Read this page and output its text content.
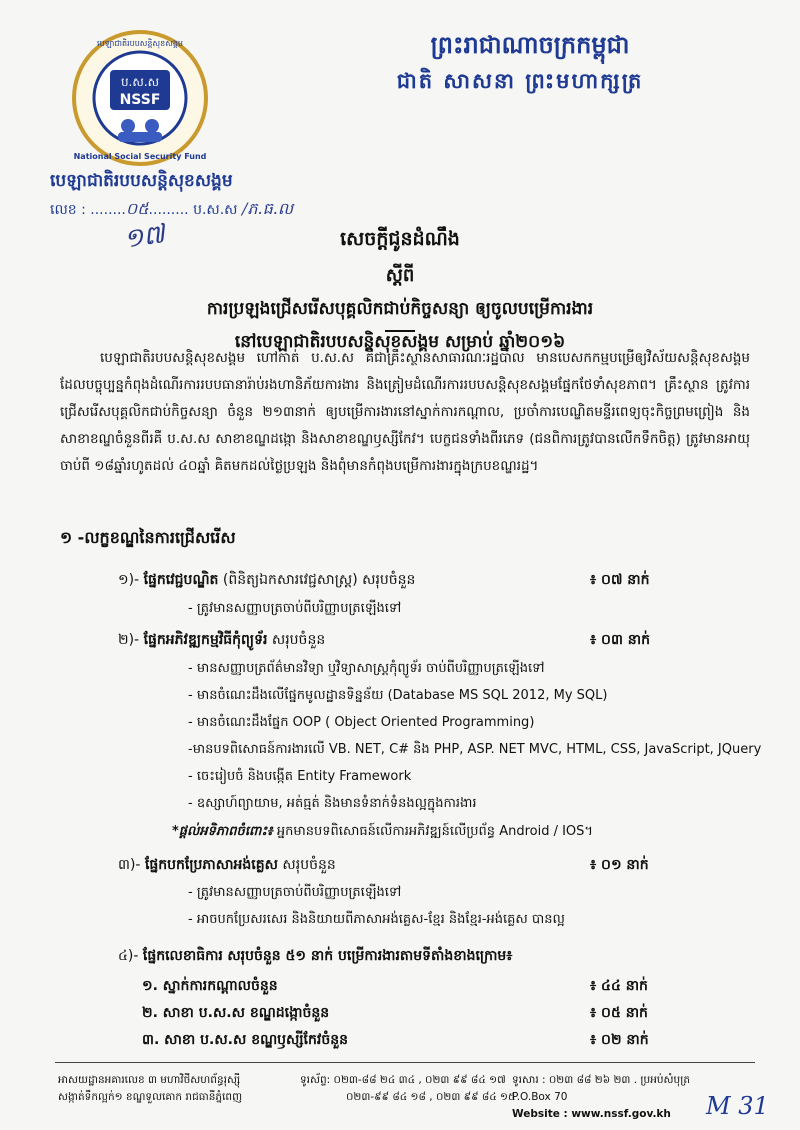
ព្រះរាជាណាចក្រកម្ពុជា
ជាតិ សាសនា ព្រះមហាក្សត្រ
ប.ស.ស
NSSF
បេឡាជាតិរបបសន្តិសុខសង្គម
National Social Security Fund
បេឡាជាតិរបបសន្តិសុខសង្គម
លេខ : ........០៥......... ប.ស.ស /ភ.ធ.ល
១៧	សេចក្តីជូនដំណឹង
ស្តីពី
ការប្រឡងជ្រើសរើសបុគ្គលិកជាប់កិច្ចសន្យា ឲ្យចូលបម្រើការងារ
នៅបេឡាជាតិរបបសន្តិសុខសង្គម សម្រាប់ ឆ្នាំ២០១៦
បេឡាជាតិរបបសន្តិសុខសង្គម ហៅកាត់ ប.ស.ស គឺជាគ្រឹះស្ថានសាធារណៈរដ្ឋបាល មានបេសកកម្មបម្រើឲ្យវិស័យសន្តិសុខសង្គម ដែលបច្ចុប្បន្នកំពុងដំណើរការរបបធានារ៉ាប់រងហានិភ័យការងារ និងត្រៀមដំណើរការរបបសន្តិសុខសង្គមផ្នែកថែទាំសុខភាព។ គ្រឹះស្ថាន ត្រូវការជ្រើសរើសបុគ្គលិកជាប់កិច្ចសន្យា ចំនួន ២១៣នាក់ ឲ្យបម្រើការងារនៅស្នាក់ការកណ្តាល, ប្រចាំការបេណ្ឌិតមន្ទីរពេទ្យចុះកិច្ចព្រមព្រៀង និងសាខាខណ្ឌចំនួនពីរគឺ ប.ស.ស សាខាខណ្ឌដង្កោ និងសាខាខណ្ឌឫស្សីកែវ។ បេក្ខជនទាំងពីរភេទ (ជនពិការត្រូវបានលើកទឹកចិត្ត) ត្រូវមានអាយុចាប់ពី ១៨ឆ្នាំរហូតដល់ ៤០ឆ្នាំ គិតមកដល់ថ្ងៃប្រឡង និងពុំមានកំពុងបម្រើការងារក្នុងក្របខណ្ឌរដ្ឋ។
១ -លក្ខខណ្ឌនៃការជ្រើសរើស
១)- ផ្នែកវេជ្ជបណ្ឌិត (ពិនិត្យឯកសារវេជ្ជសាស្ត្រ) សរុបចំនួន	៖ ០៧ នាក់
- ត្រូវមានសញ្ញាបត្រចាប់ពីបរិញ្ញាបត្រឡើងទៅ
២)- ផ្នែកអភិវឌ្ឍកម្មវិធីកុំព្យូទ័រ សរុបចំនួន	៖ ០៣ នាក់
- មានសញ្ញាបត្រព័ត៌មានវិទ្យា ឬវិទ្យាសាស្ត្រកុំព្យូទ័រ ចាប់ពីបរិញ្ញាបត្រឡើងទៅ
- មានចំណេះដឹងលើផ្នែកមូលដ្ឋានទិន្នន័យ (Database MS SQL 2012, My SQL)
- មានចំណេះដឹងផ្នែក OOP ( Object Oriented Programming)
-មានបទពិសោធន៍ការងារលើ VB. NET, C# និង PHP, ASP. NET MVC, HTML, CSS, JavaScript, JQuery
- ចេះរៀបចំ និងបង្កើត Entity Framework
- ឧស្សាហ៍ព្យាយាម, អត់ធ្មត់ និងមានទំនាក់ទំនងល្អក្នុងការងារ
*ផ្តល់អទិភាពចំពោះ៖ អ្នកមានបទពិសោធន៍លើការអភិវឌ្ឍន៍លើប្រព័ន្ធ Android / IOS។
៣)- ផ្នែកបកប្រែភាសាអង់គ្លេស សរុបចំនួន	៖ ០១ នាក់
- ត្រូវមានសញ្ញាបត្រចាប់ពីបរិញ្ញាបត្រឡើងទៅ
- អាចបកប្រែសរសេរ និងនិយាយពីភាសាអង់គ្លេស-ខ្មែរ និងខ្មែរ-អង់គ្លេស បានល្អ
៤)- ផ្នែកលេខាធិការ សរុបចំនួន ៥១ នាក់ បម្រើការងារតាមទីតាំងខាងក្រោម៖
១. ស្នាក់ការកណ្តាលចំនួន	៖ ៤៤ នាក់
២. សាខា ប.ស.ស ខណ្ឌដង្កោចំនួន	៖ ០៥ នាក់
៣. សាខា ប.ស.ស ខណ្ឌឫស្សីកែវចំនួន	៖ ០២ នាក់
អាសយដ្ឋានអគារលេខ ៣ មហាវិថីសហព័ន្ធរុស្ស៊ី
សង្កាត់ទឹកល្អក់១ ខណ្ឌទួលគោក រាជធានីភ្នំពេញ
ទូរស័ព្ទ: ០២៣-៨៨ ២៤ ៣៤ , ០២៣ ៩៩ ៨៤ ១៧
០២៣-៩៩ ៨៤ ១៨ , ០២៣ ៩៩ ៨៤ ១៥
ទូរសារ : ០២៣ ៨៨ ២៦ ២៣ . ប្រអប់សំបុត្រ P.O.Box 70
Website : www.nssf.gov.kh	M 31
